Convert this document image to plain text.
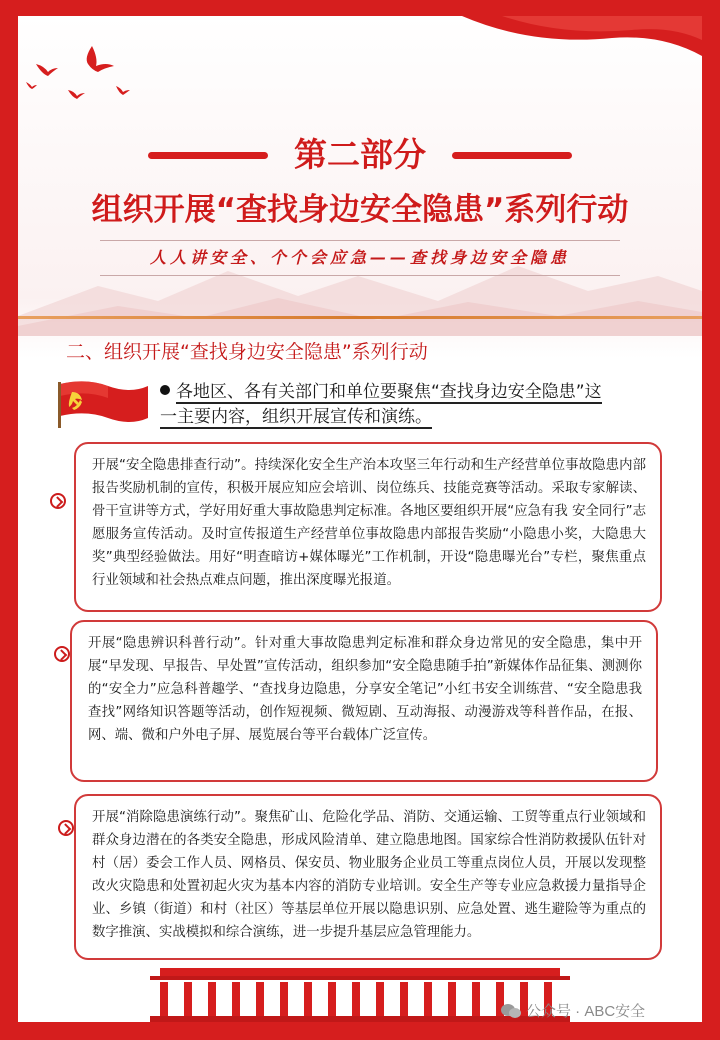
第二部分
组织开展“查找身边安全隐患”系列行动
人人讲安全、个个会应急——查找身边安全隐患
二、组织开展“查找身边安全隐患”系列行动
各地区、各有关部门和单位要聚焦“查找身边安全隐患”这
一主要内容，组织开展宣传和演练。

开展“安全隐患排查行动”。持续深化安全生产治本攻坚三年行动和生产经营单位事故隐患内部报告奖励机制的宣传，积极开展应知应会培训、岗位练兵、技能竞赛等活动。采取专家解读、骨干宣讲等方式，学好用好重大事故隐患判定标准。各地区要组织开展“应急有我 安全同行”志愿服务宣传活动。及时宣传报道生产经营单位事故隐患内部报告奖励“小隐患小奖，大隐患大奖”典型经验做法。用好“明查暗访+媒体曝光”工作机制，开设“隐患曝光台”专栏，聚焦重点行业领域和社会热点难点问题，推出深度曝光报道。

开展“隐患辨识科普行动”。针对重大事故隐患判定标准和群众身边常见的安全隐患，集中开展“早发现、早报告、早处置”宣传活动，组织参加“安全隐患随手拍”新媒体作品征集、测测你的“安全力”应急科普趣学、“查找身边隐患，分享安全笔记”小红书安全训练营、“安全隐患我查找”网络知识答题等活动，创作短视频、微短剧、互动海报、动漫游戏等科普作品，在报、网、端、微和户外电子屏、展览展台等平台载体广泛宣传。

开展“消除隐患演练行动”。聚焦矿山、危险化学品、消防、交通运输、工贸等重点行业领域和群众身边潜在的各类安全隐患，形成风险清单、建立隐患地图。国家综合性消防救援队伍针对村（居）委会工作人员、网格员、保安员、物业服务企业员工等重点岗位人员，开展以发现整改火灾隐患和处置初起火灾为基本内容的消防专业培训。安全生产等专业应急救援力量指导企业、乡镇（街道）和村（社区）等基层单位开展以隐患识别、应急处置、逃生避险等为重点的数字推演、实战模拟和综合演练，进一步提升基层应急管理能力。

公众号 · ABC安全
